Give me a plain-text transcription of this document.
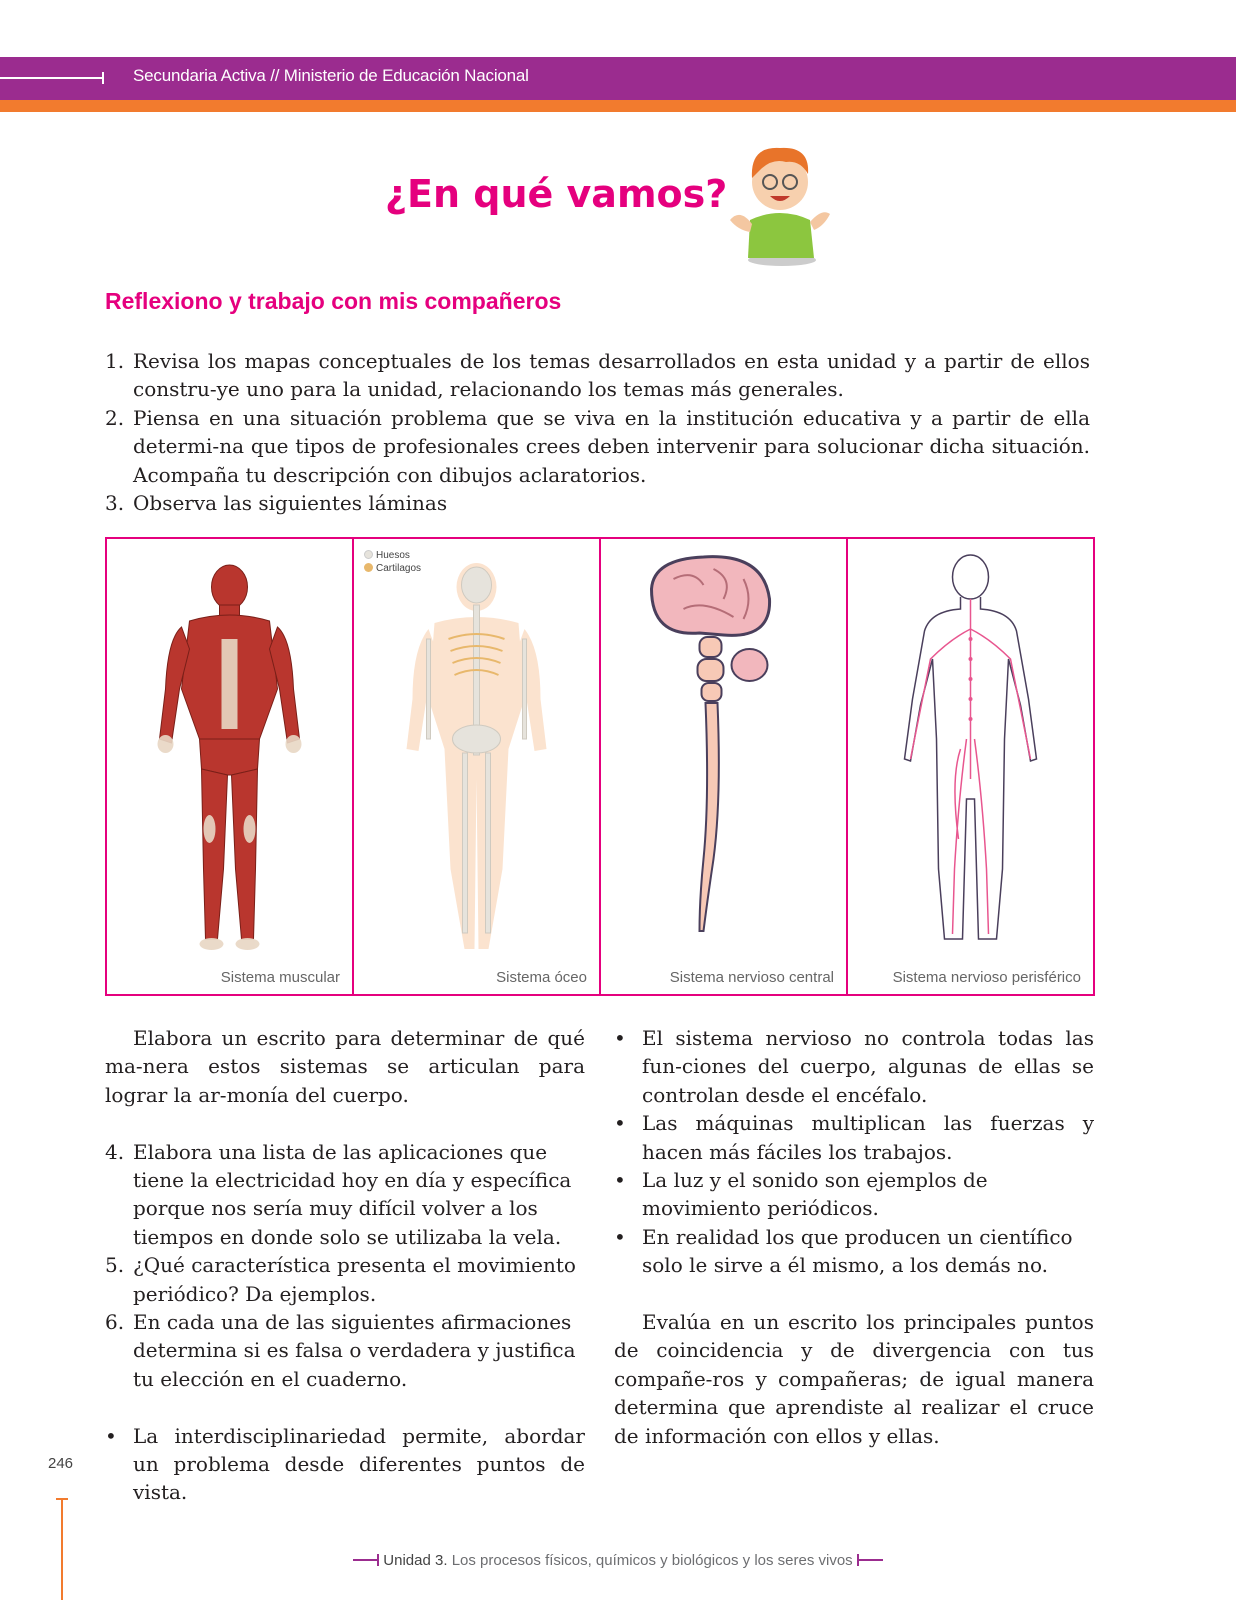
Secundaria Activa // Ministerio de Educación Nacional
¿En qué vamos?
Reflexiono y trabajo con mis compañeros
1. Revisa los mapas conceptuales de los temas desarrollados en esta unidad y a partir de ellos constru-ye uno para la unidad, relacionando los temas más generales.
2. Piensa en una situación problema que se viva en la institución educativa y a partir de ella determi-na que tipos de profesionales crees deben intervenir para solucionar dicha situación. Acompaña tu descripción con dibujos aclaratorios.
3. Observa las siguientes láminas
Sistema muscular
Huesos
Cartilagos
Sistema óceo	Sistema nervioso central	Sistema nervioso perisférico

Elabora un escrito para determinar de qué ma-nera estos sistemas se articulan para lograr la ar-monía del cuerpo.

4. Elabora una lista de las aplicaciones que tiene la electricidad hoy en día y específica porque nos sería muy difícil volver a los tiempos en donde solo se utilizaba la vela.
5. ¿Qué característica presenta el movimiento periódico? Da ejemplos.
6. En cada una de las siguientes afirmaciones determina si es falsa o verdadera y justifica tu elección en el cuaderno.
• La interdisciplinariedad permite, abordar un problema desde diferentes puntos de vista.
• El sistema nervioso no controla todas las fun-ciones del cuerpo, algunas de ellas se controlan desde el encéfalo.
• Las máquinas multiplican las fuerzas y hacen más fáciles los trabajos.
• La luz y el sonido son ejemplos de movimiento periódicos.
• En realidad los que producen un científico solo le sirve a él mismo, a los demás no.

Evalúa en un escrito los principales puntos de coincidencia y de divergencia con tus compañe-ros y compañeras; de igual manera determina que aprendiste al realizar el cruce de información con ellos y ellas.

246
Unidad 3. Los procesos físicos, químicos y biológicos y los seres vivos
